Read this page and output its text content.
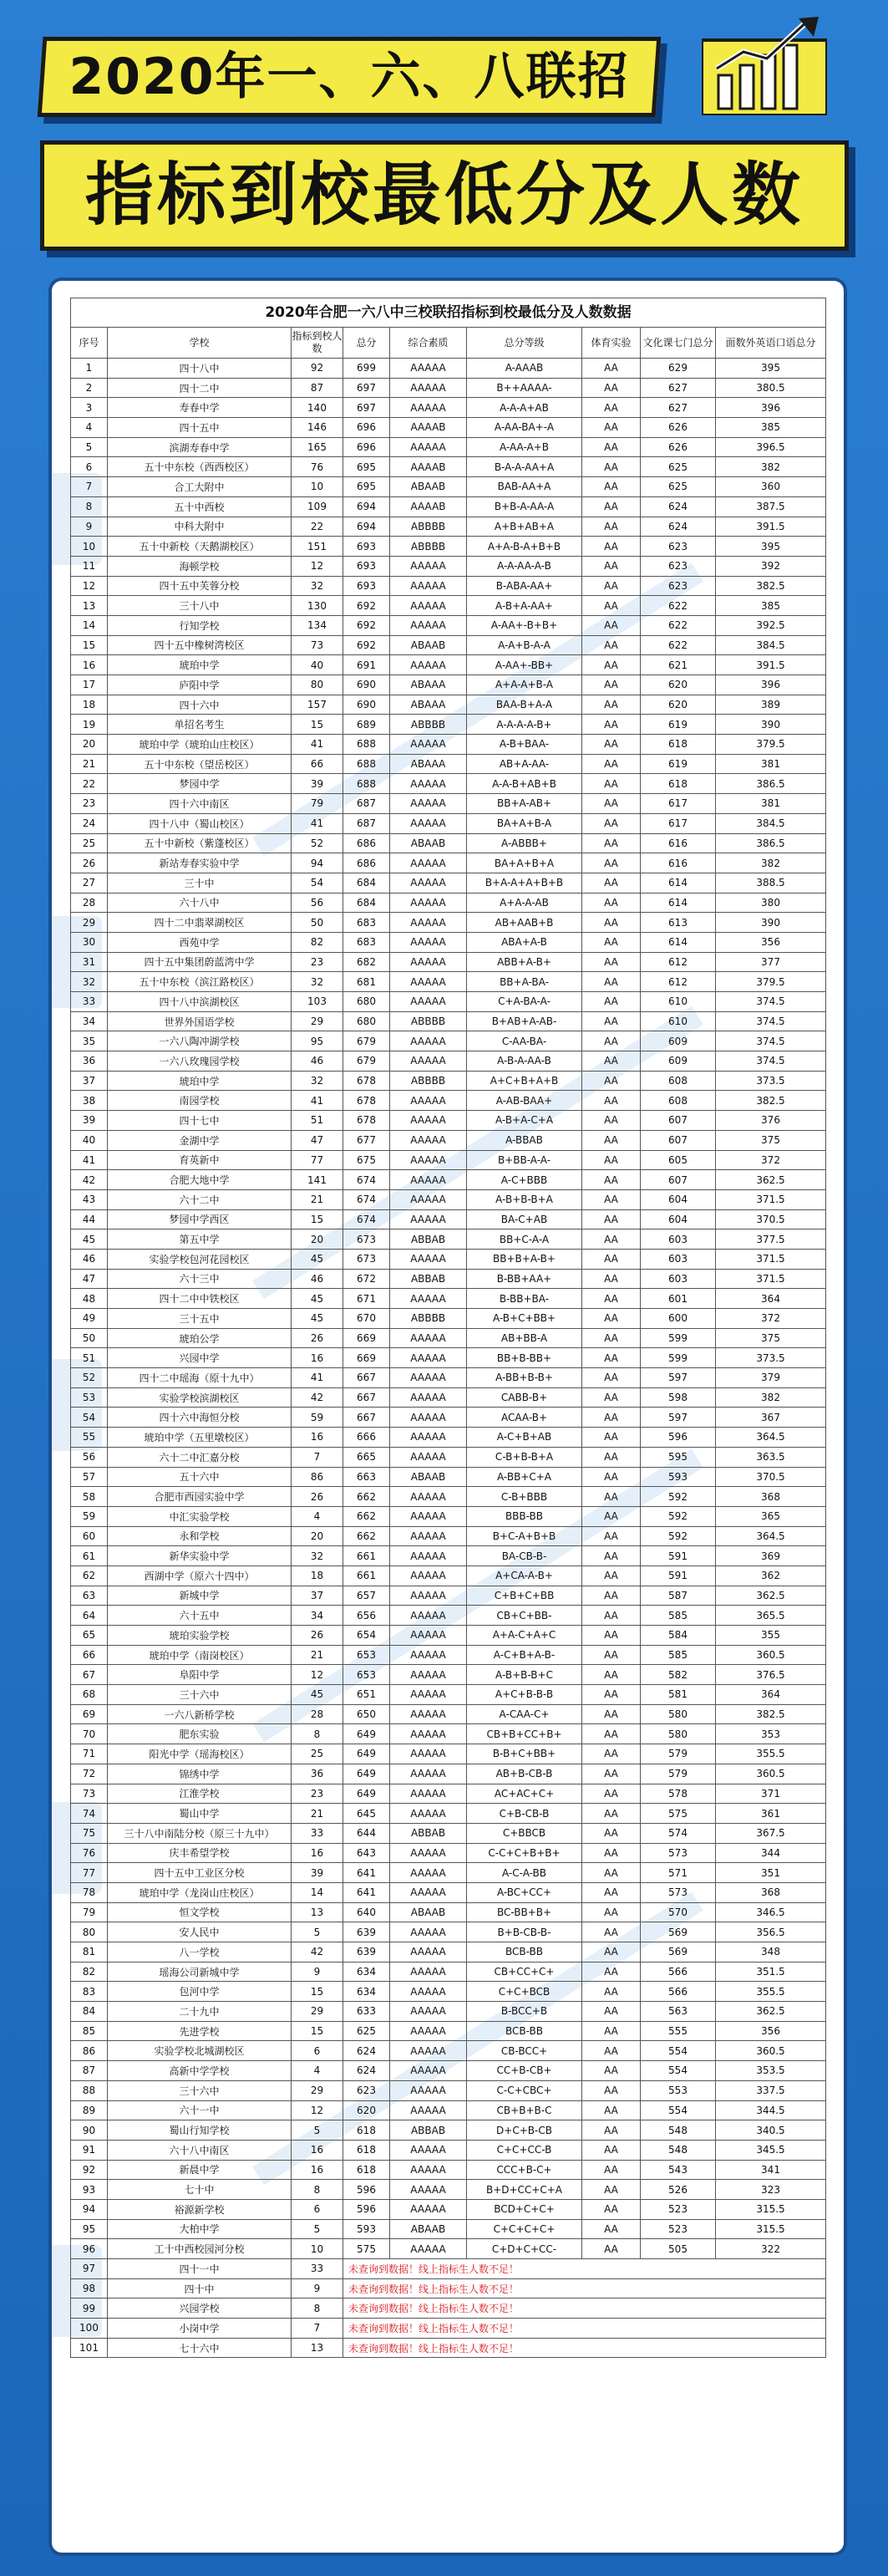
2020年一、六、八联招
指标到校最低分及人数
2020年合肥一六八中三校联招指标到校最低分及人数数据
序号	学校	指标到校人数	总分	综合素质	总分等级	体育实验	文化课七门总分	面数外英语口语总分
1	四十八中	92	699	AAAAA	A-AAAB	AA	629	395
2	四十二中	87	697	AAAAA	B++AAAA-	AA	627	380.5
3	寿春中学	140	697	AAAAA	A-A-A+AB	AA	627	396
4	四十五中	146	696	AAAAB	A-AA-BA+-A	AA	626	385
5	滨湖寿春中学	165	696	AAAAA	A-AA-A+B	AA	626	396.5
6	五十中东校（西西校区）	76	695	AAAAB	B-A-A-AA+A	AA	625	382
7	合工大附中	10	695	ABAAB	BAB-AA+A	AA	625	360
8	五十中西校	109	694	AAAAB	B+B-A-AA-A	AA	624	387.5
9	中科大附中	22	694	ABBBB	A+B+AB+A	AA	624	391.5
10	五十中新校（天鹅湖校区）	151	693	ABBBB	A+A-B-A+B+B	AA	623	395
11	海顿学校	12	693	AAAAA	A-A-AA-A-B	AA	623	392
12	四十五中芙蓉分校	32	693	AAAAA	B-ABA-AA+	AA	623	382.5
13	三十八中	130	692	AAAAA	A-B+A-AA+	AA	622	385
14	行知学校	134	692	AAAAA	A-AA+-B+B+	AA	622	392.5
15	四十五中橡树湾校区	73	692	ABAAB	A-A+B-A-A	AA	622	384.5
16	琥珀中学	40	691	AAAAA	A-AA+-BB+	AA	621	391.5
17	庐阳中学	80	690	ABAAA	A+A-A+B-A	AA	620	396
18	四十六中	157	690	ABAAA	BAA-B+A-A	AA	620	389
19	单招名考生	15	689	ABBBB	A-A-A-A-B+	AA	619	390
20	琥珀中学（琥珀山庄校区）	41	688	AAAAA	A-B+BAA-	AA	618	379.5
21	五十中东校（望岳校区）	66	688	ABAAA	AB+A-AA-	AA	619	381
22	梦园中学	39	688	AAAAA	A-A-B+AB+B	AA	618	386.5
23	四十六中南区	79	687	AAAAA	BB+A-AB+	AA	617	381
24	四十八中（蜀山校区）	41	687	AAAAA	BA+A+B-A	AA	617	384.5
25	五十中新校（紫蓬校区）	52	686	ABAAB	A-ABBB+	AA	616	386.5
26	新站寿春实验中学	94	686	AAAAA	BA+A+B+A	AA	616	382
27	三十中	54	684	AAAAA	B+A-A+A+B+B	AA	614	388.5
28	六十八中	56	684	AAAAA	A+A-A-AB	AA	614	380
29	四十二中翡翠湖校区	50	683	AAAAA	AB+AAB+B	AA	613	390
30	西苑中学	82	683	AAAAA	ABA+A-B	AA	614	356
31	四十五中集团蔚蓝湾中学	23	682	AAAAA	ABB+A-B+	AA	612	377
32	五十中东校（滨江路校区）	32	681	AAAAA	BB+A-BA-	AA	612	379.5
33	四十八中滨湖校区	103	680	AAAAA	C+A-BA-A-	AA	610	374.5
34	世界外国语学校	29	680	ABBBB	B+AB+A-AB-	AA	610	374.5
35	一六八陶冲湖学校	95	679	AAAAA	C-AA-BA-	AA	609	374.5
36	一六八玫瑰园学校	46	679	AAAAA	A-B-A-AA-B	AA	609	374.5
37	琥珀中学	32	678	ABBBB	A+C+B+A+B	AA	608	373.5
38	南园学校	41	678	AAAAA	A-AB-BAA+	AA	608	382.5
39	四十七中	51	678	AAAAA	A-B+A-C+A	AA	607	376
40	金湖中学	47	677	AAAAA	A-BBAB	AA	607	375
41	育英新中	77	675	AAAAA	B+BB-A-A-	AA	605	372
42	合肥大地中学	141	674	AAAAA	A-C+BBB	AA	607	362.5
43	六十二中	21	674	AAAAA	A-B+B-B+A	AA	604	371.5
44	梦园中学西区	15	674	AAAAA	BA-C+AB	AA	604	370.5
45	第五中学	20	673	ABBAB	BB+C-A-A	AA	603	377.5
46	实验学校包河花园校区	45	673	AAAAA	BB+B+A-B+	AA	603	371.5
47	六十三中	46	672	ABBAB	B-BB+AA+	AA	603	371.5
48	四十二中中铁校区	45	671	AAAAA	B-BB+BA-	AA	601	364
49	三十五中	45	670	ABBBB	A-B+C+BB+	AA	600	372
50	琥珀公学	26	669	AAAAA	AB+BB-A	AA	599	375
51	兴园中学	16	669	AAAAA	BB+B-BB+	AA	599	373.5
52	四十二中瑶海（原十九中）	41	667	AAAAA	A-BB+B-B+	AA	597	379
53	实验学校滨湖校区	42	667	AAAAA	CABB-B+	AA	598	382
54	四十六中海恒分校	59	667	AAAAA	ACAA-B+	AA	597	367
55	琥珀中学（五里墩校区）	16	666	AAAAA	A-C+B+AB	AA	596	364.5
56	六十二中汇嘉分校	7	665	AAAAA	C-B+B-B+A	AA	595	363.5
57	五十六中	86	663	ABAAB	A-BB+C+A	AA	593	370.5
58	合肥市西园实验中学	26	662	AAAAA	C-B+BBB	AA	592	368
59	中汇实验学校	4	662	AAAAA	BBB-BB	AA	592	365
60	永和学校	20	662	AAAAA	B+C-A+B+B	AA	592	364.5
61	新华实验中学	32	661	AAAAA	BA-CB-B-	AA	591	369
62	西湖中学（原六十四中）	18	661	AAAAA	A+CA-A-B+	AA	591	362
63	新城中学	37	657	AAAAA	C+B+C+BB	AA	587	362.5
64	六十五中	34	656	AAAAA	CB+C+BB-	AA	585	365.5
65	琥珀实验学校	26	654	AAAAA	A+A-C+A+C	AA	584	355
66	琥珀中学（南岗校区）	21	653	AAAAA	A-C+B+A-B-	AA	585	360.5
67	阜阳中学	12	653	AAAAA	A-B+B-B+C	AA	582	376.5
68	三十六中	45	651	AAAAA	A+C+B-B-B	AA	581	364
69	一六八新桥学校	28	650	AAAAA	A-CAA-C+	AA	580	382.5
70	肥东实验	8	649	AAAAA	CB+B+CC+B+	AA	580	353
71	阳光中学（瑶海校区）	25	649	AAAAA	B-B+C+BB+	AA	579	355.5
72	锦绣中学	36	649	AAAAA	AB+B-CB-B	AA	579	360.5
73	江淮学校	23	649	AAAAA	AC+AC+C+	AA	578	371
74	蜀山中学	21	645	AAAAA	C+B-CB-B	AA	575	361
75	三十八中南陆分校（原三十九中）	33	644	ABBAB	C+BBCB	AA	574	367.5
76	庆丰希望学校	16	643	AAAAA	C-C+C+B+B+	AA	573	344
77	四十五中工业区分校	39	641	AAAAA	A-C-A-BB	AA	571	351
78	琥珀中学（龙岗山庄校区）	14	641	AAAAA	A-BC+CC+	AA	573	368
79	恒文学校	13	640	ABAAB	BC-BB+B+	AA	570	346.5
80	安人民中	5	639	AAAAA	B+B-CB-B-	AA	569	356.5
81	八一学校	42	639	AAAAA	BCB-BB	AA	569	348
82	瑶海公司新城中学	9	634	AAAAA	CB+CC+C+	AA	566	351.5
83	包河中学	15	634	AAAAA	C+C+BCB	AA	566	355.5
84	二十九中	29	633	AAAAA	B-BCC+B	AA	563	362.5
85	先进学校	15	625	AAAAA	BCB-BB	AA	555	356
86	实验学校北城湖校区	6	624	AAAAA	CB-BCC+	AA	554	360.5
87	高新中学学校	4	624	AAAAA	CC+B-CB+	AA	554	353.5
88	三十六中	29	623	AAAAA	C-C+CBC+	AA	553	337.5
89	六十一中	12	620	AAAAA	CB+B+B-C	AA	554	344.5
90	蜀山行知学校	5	618	ABBAB	D+C+B-CB	AA	548	340.5
91	六十八中南区	16	618	AAAAA	C+C+CC-B	AA	548	345.5
92	新晨中学	16	618	AAAAA	CCC+B-C+	AA	543	341
93	七十中	8	596	AAAAA	B+D+CC+C+A	AA	526	323
94	裕源新学校	6	596	AAAAA	BCD+C+C+	AA	523	315.5
95	大柏中学	5	593	ABAAB	C+C+C+C+	AA	523	315.5
96	工十中西校园河分校	10	575	AAAAA	C+D+C+CC-	AA	505	322
97	四十一中	33	未查询到数据！线上指标生人数不足！					
98	四十中	9	未查询到数据！线上指标生人数不足！					
99	兴园学校	8	未查询到数据！线上指标生人数不足！					
100	小岗中学	7	未查询到数据！线上指标生人数不足！					
101	七十六中	13	未查询到数据！线上指标生人数不足！					
